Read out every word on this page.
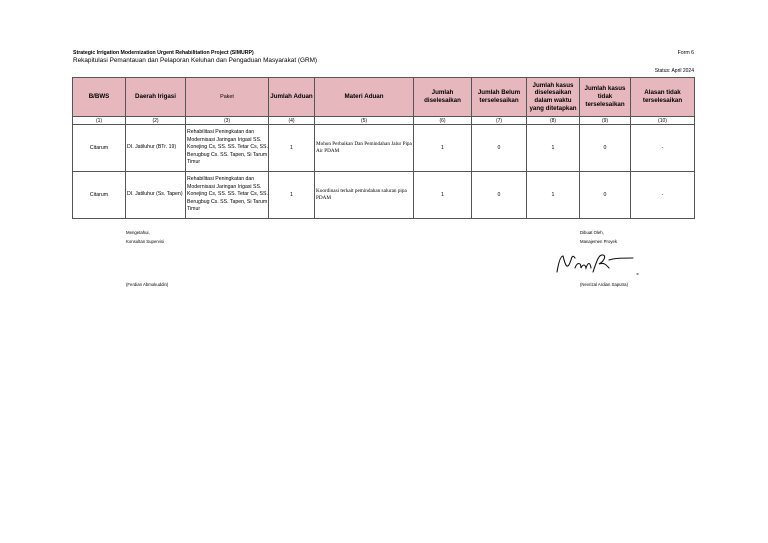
Strategic Irrigation Modernization Urgent Rehabilitation Project (SIMURP)
Rekapitulasi Pemantauan dan Pelaporan Keluhan dan Pengaduan Masyarakat (GRM)
Form 6
Status: April 2024
B/BWS	Daerah Irigasi	Paket	Jumlah Aduan	Materi Aduan	Jumlah diselesaikan	Jumlah Belum terselesaikan	Jumlah kasus diselesaikan dalam waktu yang ditetapkan	Jumlah kasus tidak terselesaikan	Alasan tidak terselesaikan
(1)	(2)	(3)	(4)	(5)	(6)	(7)	(8)	(9)	(10)
Citarum	DI. Jatiluhur (BTr. 19)	Rehabilitasi Peningkatan dan Modernisasi Jaringan Irigasi SS. Konejing Cs, SS. SS. Tetar Cs, SS. Berugbug Cs. SS. Tapen, Si Tarum Timur	1	Mohon Perbaikan Dan Pemindahan Jalur Pipa Air PDAM	1	0	1	0	-
Citarum	DI. Jatiluhur (Ss. Tapen)	Rehabilitasi Peningkatan dan Modernisasi Jaringan Irigasi SS. Konejing Cs, SS. SS. Tetar Cs, SS. Berugbug Cs. SS. Tapen, Si Tarum Timur	1	Koordinasi terkait pemindahan saluran pipa PDAM	1	0	1	0	-
Mengetahui,
Konsultan Supervisi
(Ferdian Abmokuddin)
Dibuat Oleh,
Manajemen Proyek
(Nevrizal Ardian Saputra)
